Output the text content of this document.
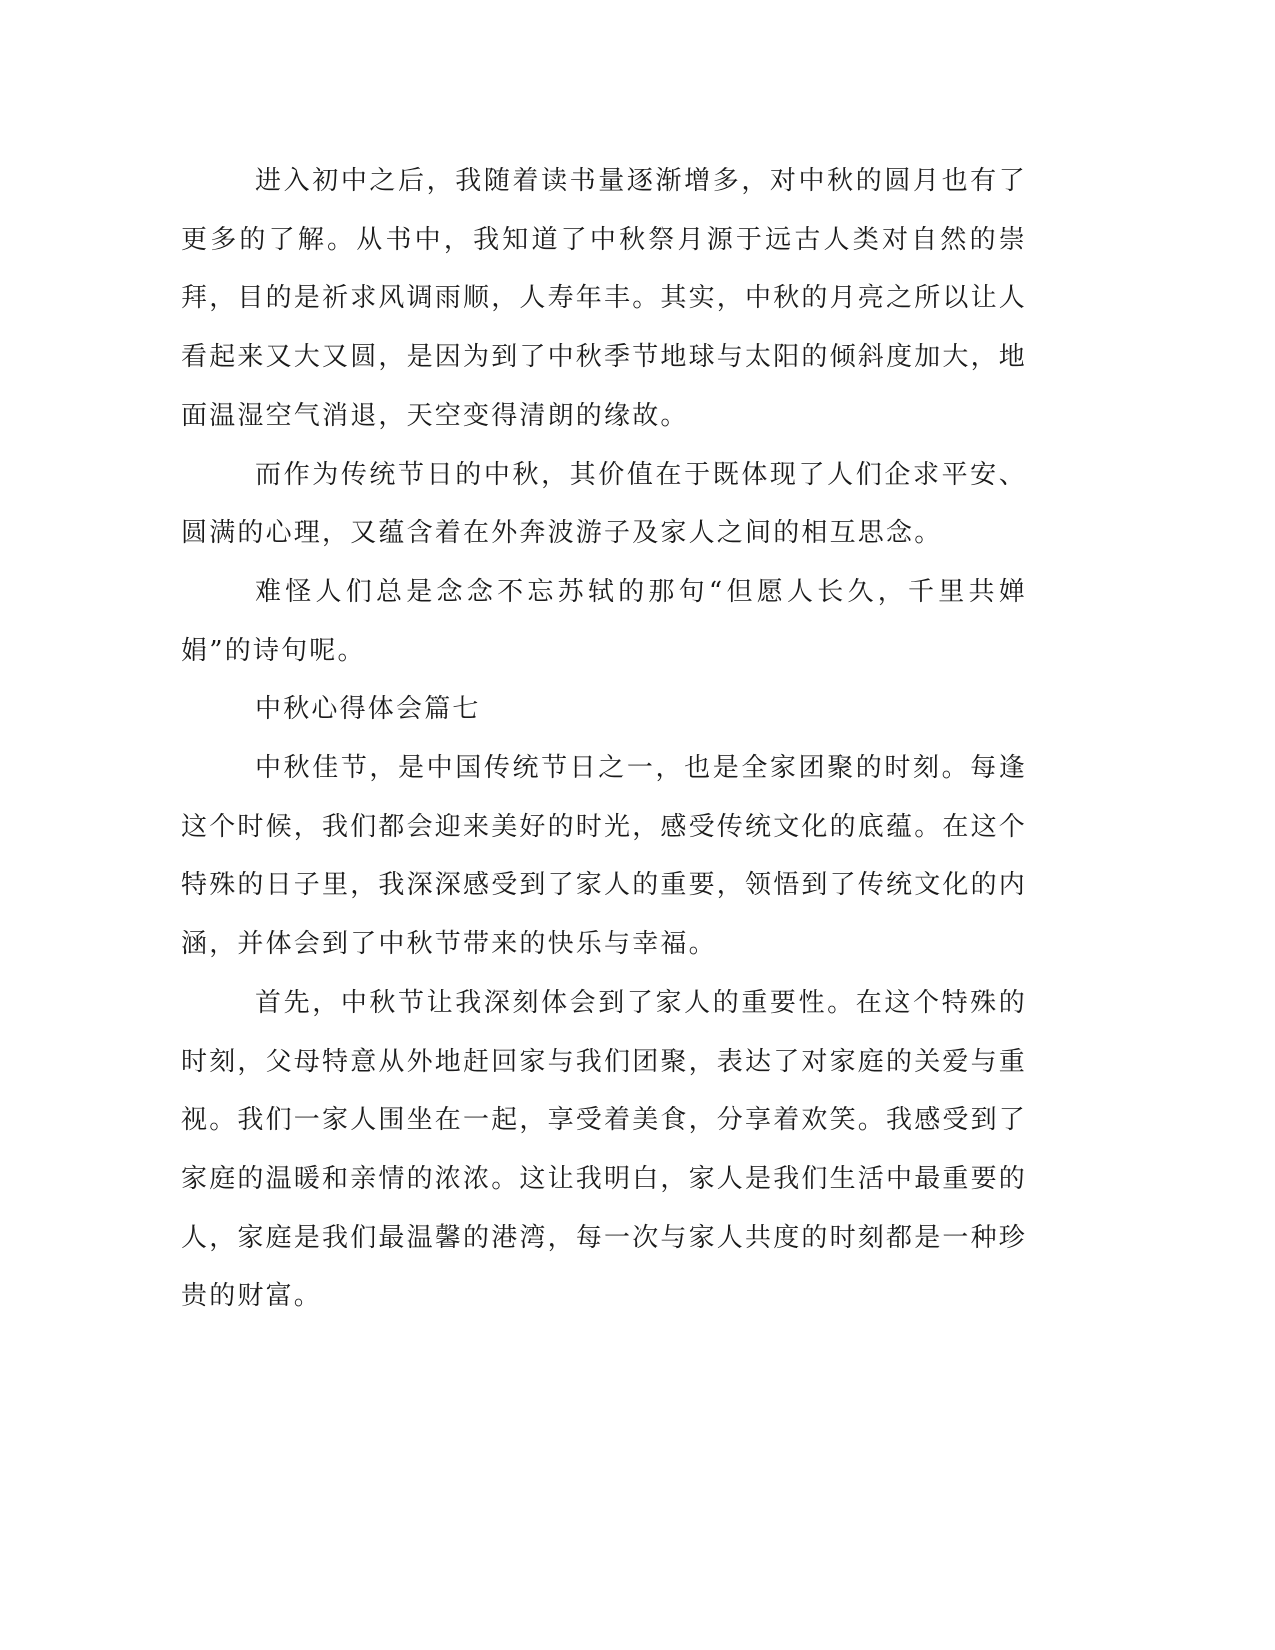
进入初中之后，我随着读书量逐渐增多，对中秋的圆月也有了更多的了解。从书中，我知道了中秋祭月源于远古人类对自然的崇拜，目的是祈求风调雨顺，人寿年丰。其实，中秋的月亮之所以让人看起来又大又圆，是因为到了中秋季节地球与太阳的倾斜度加大，地面温湿空气消退，天空变得清朗的缘故。

而作为传统节日的中秋，其价值在于既体现了人们企求平安、圆满的心理，又蕴含着在外奔波游子及家人之间的相互思念。

难怪人们总是念念不忘苏轼的那句“但愿人长久，千里共婵娟”的诗句呢。

中秋心得体会篇七

中秋佳节，是中国传统节日之一，也是全家团聚的时刻。每逢这个时候，我们都会迎来美好的时光，感受传统文化的底蕴。在这个特殊的日子里，我深深感受到了家人的重要，领悟到了传统文化的内涵，并体会到了中秋节带来的快乐与幸福。

首先，中秋节让我深刻体会到了家人的重要性。在这个特殊的时刻，父母特意从外地赶回家与我们团聚，表达了对家庭的关爱与重视。我们一家人围坐在一起，享受着美食，分享着欢笑。我感受到了家庭的温暖和亲情的浓浓。这让我明白，家人是我们生活中最重要的人，家庭是我们最温馨的港湾，每一次与家人共度的时刻都是一种珍贵的财富。
